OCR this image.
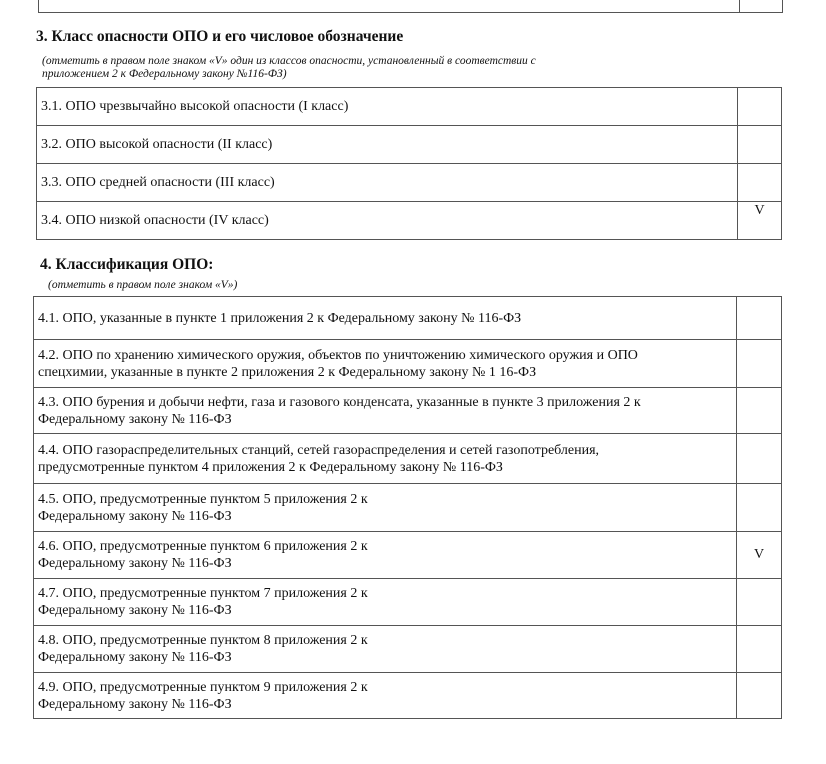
3. Класс опасности ОПО и его числовое обозначение
(отметить в правом поле знаком «V» один из классов опасности, установленный в соответствии с
приложением 2 к Федеральному закону №116-ФЗ)
3.1. ОПО чрезвычайно высокой опасности (I класс)	
3.2. ОПО высокой опасности (II класс)	
3.3. ОПО средней опасности (III класс)	
3.4. ОПО низкой опасности (IV класс)	V
4. Классификация ОПО:
(отметить в правом поле знаком «V»)
4.1. ОПО, указанные в пункте 1 приложения 2 к Федеральному закону № 116-ФЗ	

4.2. ОПО по хранению химического оружия, объектов по уничтожению химического оружия и ОПО
спецхимии, указанные в пункте 2 приложения 2 к Федеральному закону № 1 16-ФЗ	

4.3. ОПО бурения и добычи нефти, газа и газового конденсата, указанные в пункте 3 приложения 2 к
Федеральному закону № 116-ФЗ	

4.4. ОПО газораспределительных станций, сетей газораспределения и сетей газопотребления,
предусмотренные пунктом 4 приложения 2 к Федеральному закону № 116-ФЗ	

4.5. ОПО, предусмотренные пунктом 5 приложения 2 к
Федеральному закону № 116-ФЗ	

4.6. ОПО, предусмотренные пунктом 6 приложения 2 к
Федеральному закону № 116-ФЗ	V

4.7. ОПО, предусмотренные пунктом 7 приложения 2 к
Федеральному закону № 116-ФЗ	

4.8. ОПО, предусмотренные пунктом 8 приложения 2 к
Федеральному закону № 116-ФЗ	

4.9. ОПО, предусмотренные пунктом 9 приложения 2 к
Федеральному закону № 116-ФЗ	
